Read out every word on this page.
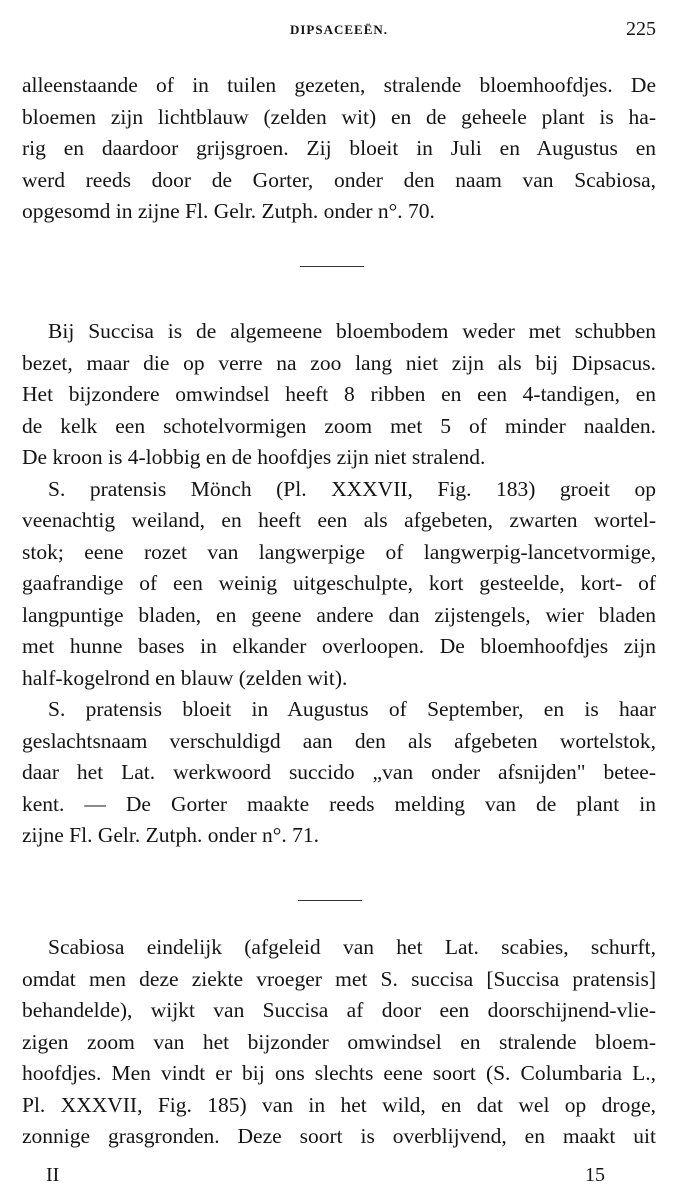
DIPSACEEËN.	225
alleenstaande of in tuilen gezeten, stralende bloemhoofdjes. De
bloemen zijn lichtblauw (zelden wit) en de geheele plant is ha-
rig en daardoor grijsgroen. Zij bloeit in Juli en Augustus en
werd reeds door de Gorter, onder den naam van Scabiosa,
opgesomd in zijne Fl. Gelr. Zutph. onder n°. 70.
Bij Succisa is de algemeene bloembodem weder met schubben
bezet, maar die op verre na zoo lang niet zijn als bij Dipsacus.
Het bijzondere omwindsel heeft 8 ribben en een 4-tandigen, en
de kelk een schotelvormigen zoom met 5 of minder naalden.
De kroon is 4-lobbig en de hoofdjes zijn niet stralend.
S. pratensis Mönch (Pl. XXXVII, Fig. 183) groeit op
veenachtig weiland, en heeft een als afgebeten, zwarten wortel-
stok; eene rozet van langwerpige of langwerpig-lancetvormige,
gaafrandige of een weinig uitgeschulpte, kort gesteelde, kort- of
langpuntige bladen, en geene andere dan zijstengels, wier bladen
met hunne bases in elkander overloopen. De bloemhoofdjes zijn
half-kogelrond en blauw (zelden wit).
S. pratensis bloeit in Augustus of September, en is haar
geslachtsnaam verschuldigd aan den als afgebeten wortelstok,
daar het Lat. werkwoord succido „van onder afsnijden" betee-
kent. — De Gorter maakte reeds melding van de plant in
zijne Fl. Gelr. Zutph. onder n°. 71.
Scabiosa eindelijk (afgeleid van het Lat. scabies, schurft,
omdat men deze ziekte vroeger met S. succisa [Succisa pratensis]
behandelde), wijkt van Succisa af door een doorschijnend-vlie-
zigen zoom van het bijzonder omwindsel en stralende bloem-
hoofdjes. Men vindt er bij ons slechts eene soort (S. Columbaria L.,
Pl. XXXVII, Fig. 185) van in het wild, en dat wel op droge,
zonnige grasgronden. Deze soort is overblijvend, en maakt uit
II	15
